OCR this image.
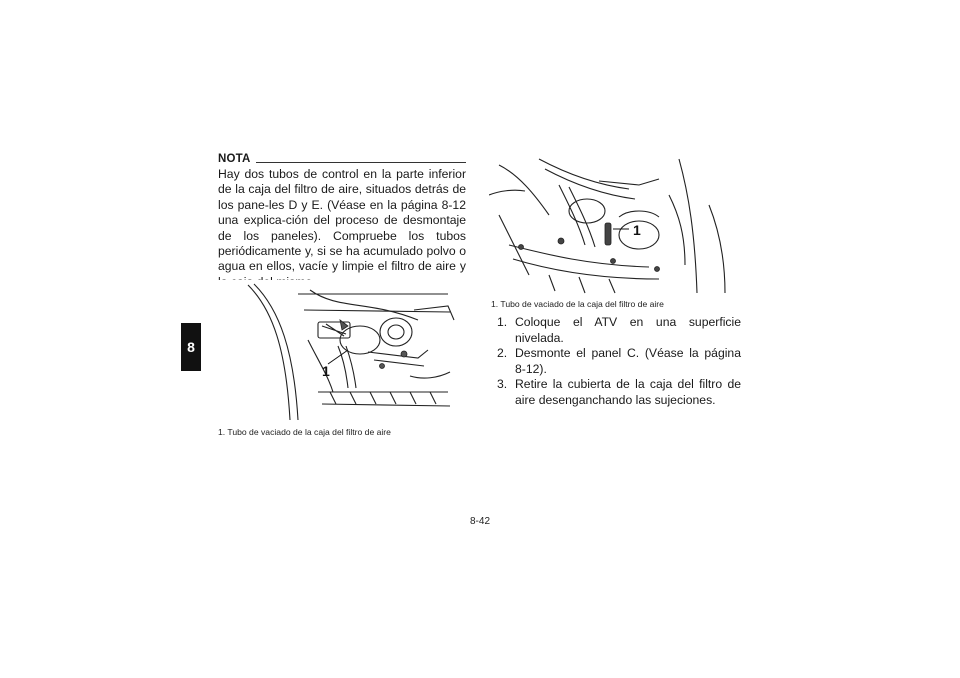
8
NOTA
Hay dos tubos de control en la parte inferior de la caja del filtro de aire, situados detrás de los pane-les D y E. (Véase en la página 8-12 una explica-ción del proceso de desmontaje de los paneles). Compruebe los tubos periódicamente y, si se ha acumulado polvo o agua en ellos, vacíe y limpie el filtro de aire y
1
1. Tubo de vaciado de la caja del filtro de aire
1
1. Tubo de vaciado de la caja del filtro de aire
1. Coloque el ATV en una superficie nivelada.
2. Desmonte el panel C. (Véase la página 8-12).
3. Retire la cubierta de la caja del filtro de aire desenganchando las sujeciones.
8-42
